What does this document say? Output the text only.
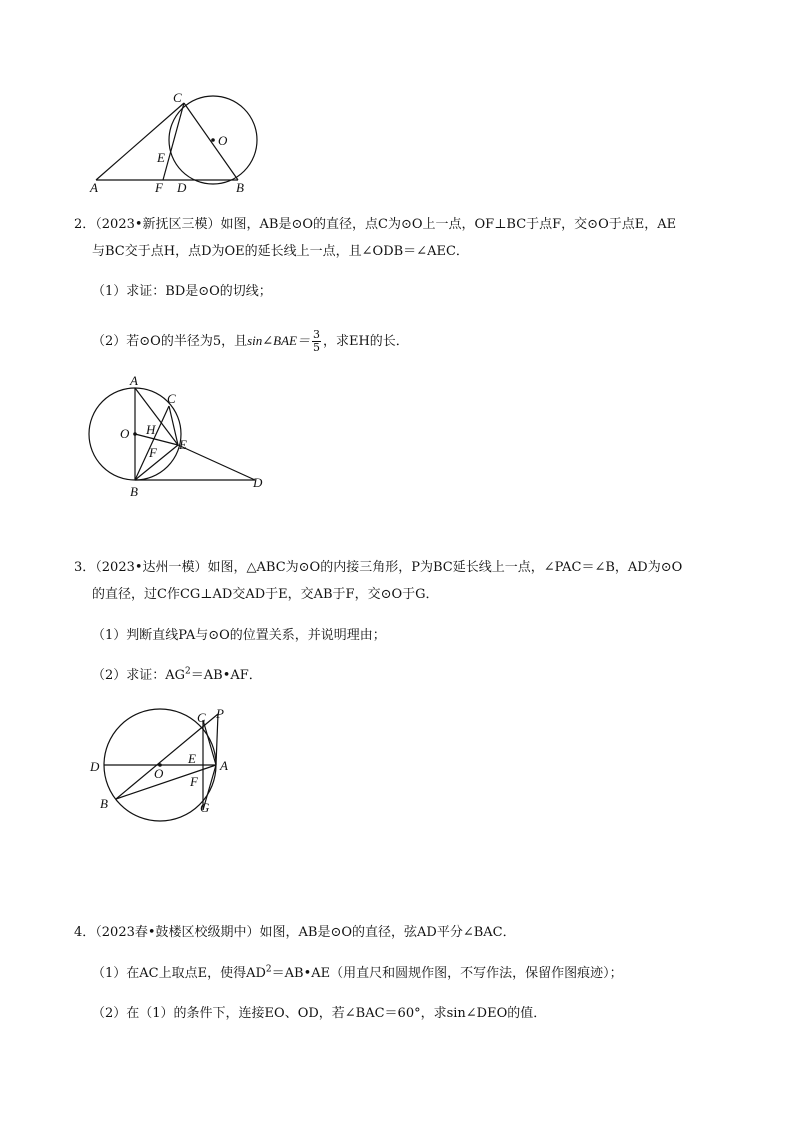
C
O
E
A	F D	B
2．（2023•新抚区三模）如图，AB是⊙O的直径，点C为⊙O上一点，OF⊥BC于点F，交⊙O于点E，AE
与BC交于点H，点D为OE的延长线上一点，且∠ODB＝∠AEC．
（1）求证：BD是⊙O的切线；
（2）若⊙O的半径为5，且sin∠BAE＝ $\frac{3}{5}$ ，求EH的长．
A
C
O H
E
F
B
D
3．（2023•达州一模）如图，△ABC为⊙O的内接三角形，P为BC延长线上一点，∠PAC＝∠B，AD为⊙O
的直径，过C作CG⊥AD交AD于E，交AB于F，交⊙O于G．
（1）判断直线PA与⊙O的位置关系，并说明理由；
（2）求证：$AG^2=AB•AF$．
C P
D	O
E A
F
B	G
4．（2023春•鼓楼区校级期中）如图，AB是⊙O的直径，弦AD平分∠BAC．
（1）在AC上取点E，使得$AD^2=AB•AE$（用直尺和圆规作图，不写作法，保留作图痕迹）；
（2）在（1）的条件下，连接EO、OD，若∠BAC＝60°，求sin∠DEO的值．
